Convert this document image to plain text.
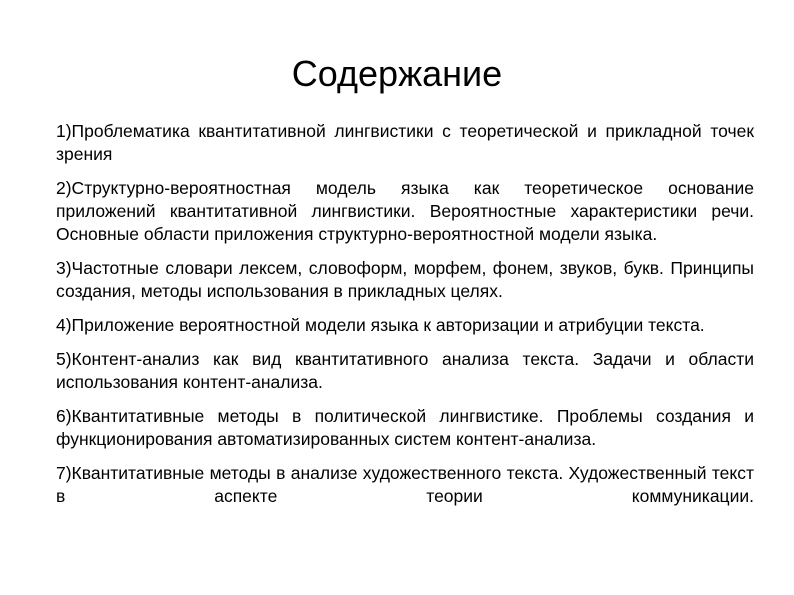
Содержание

1)Проблематика квантитативной лингвистики с теоретической и прикладной точек зрения

2)Структурно-вероятностная модель языка как теоретическое основание приложений квантитативной лингвистики. Вероятностные характеристики речи. Основные области приложения структурно-вероятностной модели языка.

3)Частотные словари лексем, словоформ, морфем, фонем, звуков, букв. Принципы создания, методы использования в прикладных целях.

4)Приложение вероятностной модели языка к авторизации и атрибуции текста.

5)Контент-анализ как вид квантитативного анализа текста. Задачи и области использования контент-анализа.

6)Квантитативные методы в политической лингвистике. Проблемы создания и функционирования автоматизированных систем контент-анализа.

7)Квантитативные методы в анализе художественного текста. Художественный текст в аспекте теории коммуникации.
